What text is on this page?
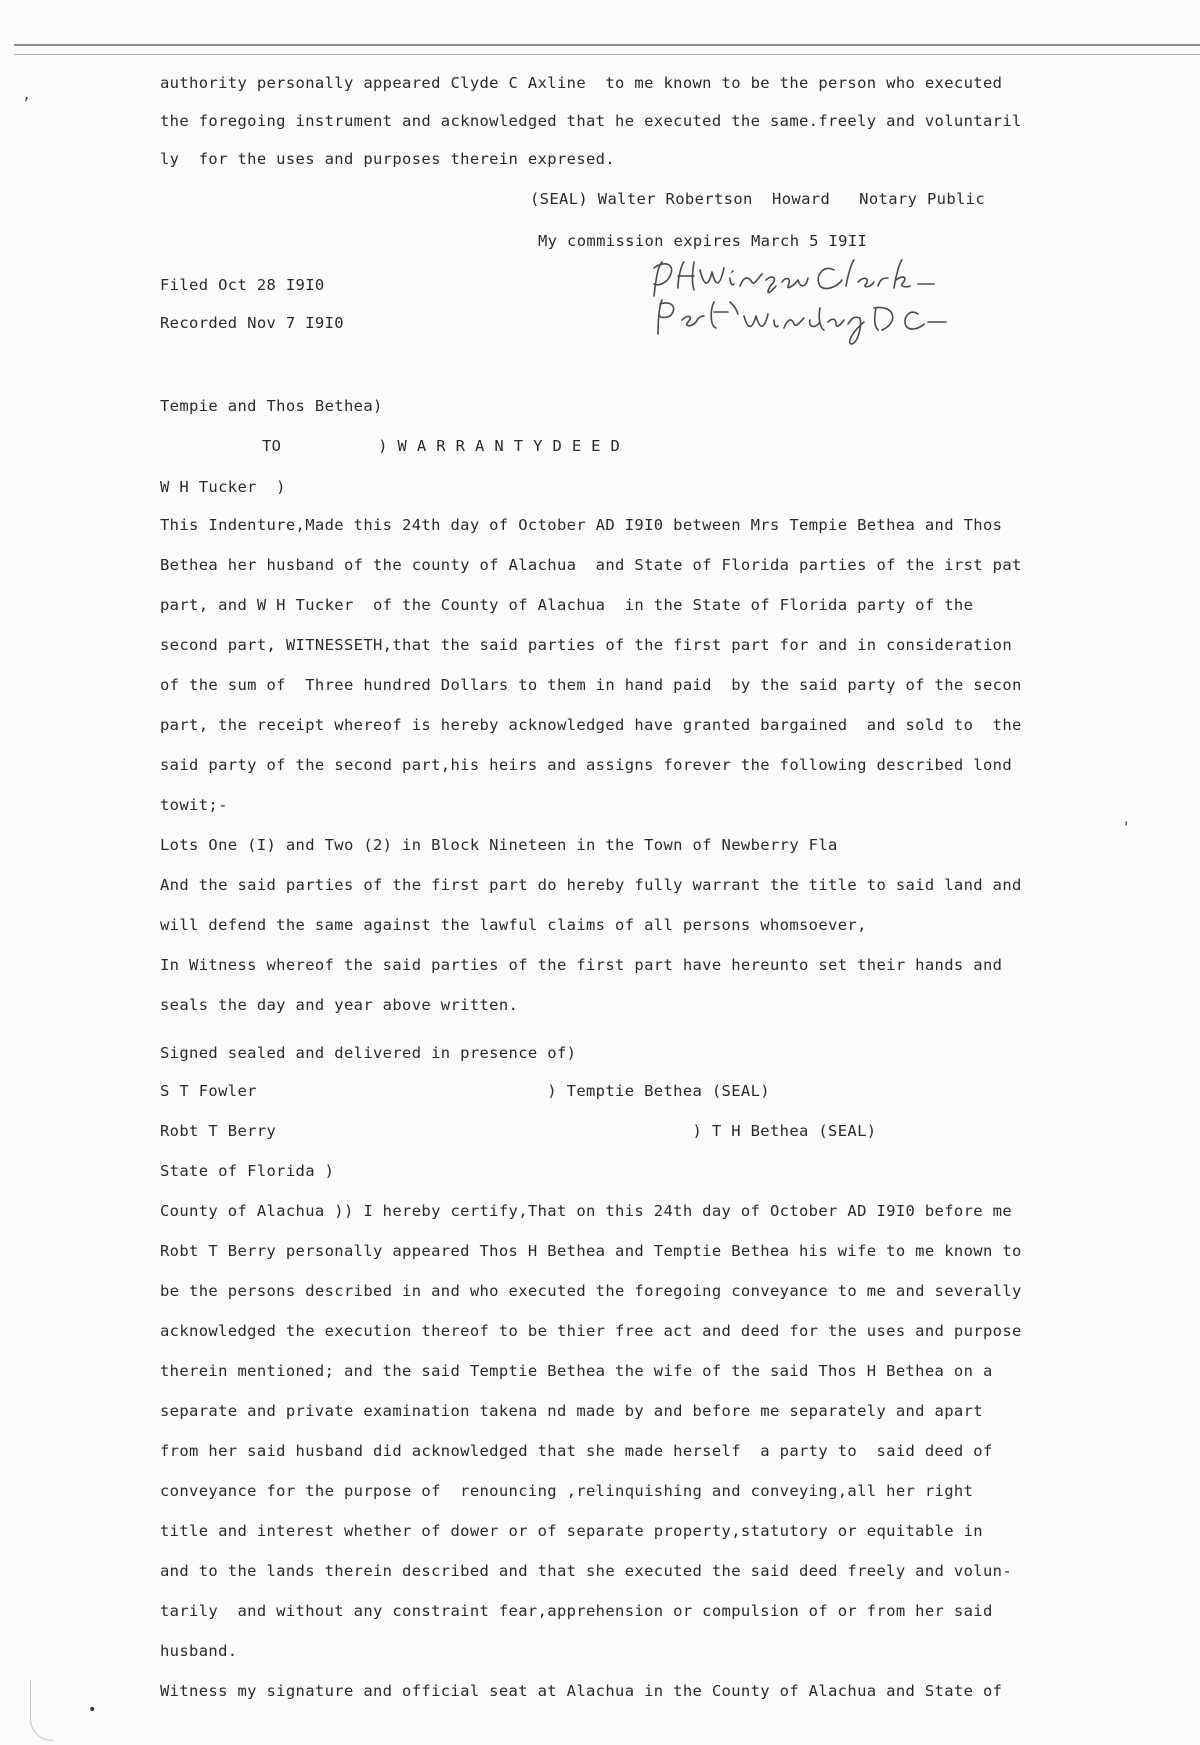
’
'
•
authority personally appeared Clyde C Axline  to me known to be the person who executed
the foregoing instrument and acknowledged that he executed the same.freely and voluntaril
ly  for the uses and purposes therein expresed.
(SEAL) Walter Robertson  Howard   Notary Public
My commission expires March 5 I9II
Filed Oct 28 I9I0
Recorded Nov 7 I9I0
Tempie and Thos Bethea)
TO          ) W A R R A N T Y D E E D
W H Tucker  )
This Indenture,Made this 24th day of October AD I9I0 between Mrs Tempie Bethea and Thos
Bethea her husband of the county of Alachua  and State of Florida parties of the irst pat
part, and W H Tucker  of the County of Alachua  in the State of Florida party of the
second part, WITNESSETH,that the said parties of the first part for and in consideration
of the sum of  Three hundred Dollars to them in hand paid  by the said party of the secon
part, the receipt whereof is hereby acknowledged have granted bargained  and sold to  the
said party of the second part,his heirs and assigns forever the following described lond
towit;-
Lots One (I) and Two (2) in Block Nineteen in the Town of Newberry Fla
And the said parties of the first part do hereby fully warrant the title to said land and
will defend the same against the lawful claims of all persons whomsoever,
In Witness whereof the said parties of the first part have hereunto set their hands and
seals the day and year above written.
Signed sealed and delivered in presence of)
S T Fowler                              ) Temptie Bethea (SEAL)
Robt T Berry                                           ) T H Bethea (SEAL)
State of Florida )
County of Alachua )) I hereby certify,That on this 24th day of October AD I9I0 before me
Robt T Berry personally appeared Thos H Bethea and Temptie Bethea his wife to me known to
be the persons described in and who executed the foregoing conveyance to me and severally
acknowledged the execution thereof to be thier free act and deed for the uses and purpose
therein mentioned; and the said Temptie Bethea the wife of the said Thos H Bethea on a
separate and private examination takena nd made by and before me separately and apart
from her said husband did acknowledged that she made herself  a party to  said deed of
conveyance for the purpose of  renouncing ,relinquishing and conveying,all her right
title and interest whether of dower or of separate property,statutory or equitable in
and to the lands therein described and that she executed the said deed freely and volun-
tarily  and without any constraint fear,apprehension or compulsion of or from her said
husband.
Witness my signature and official seat at Alachua in the County of Alachua and State of
